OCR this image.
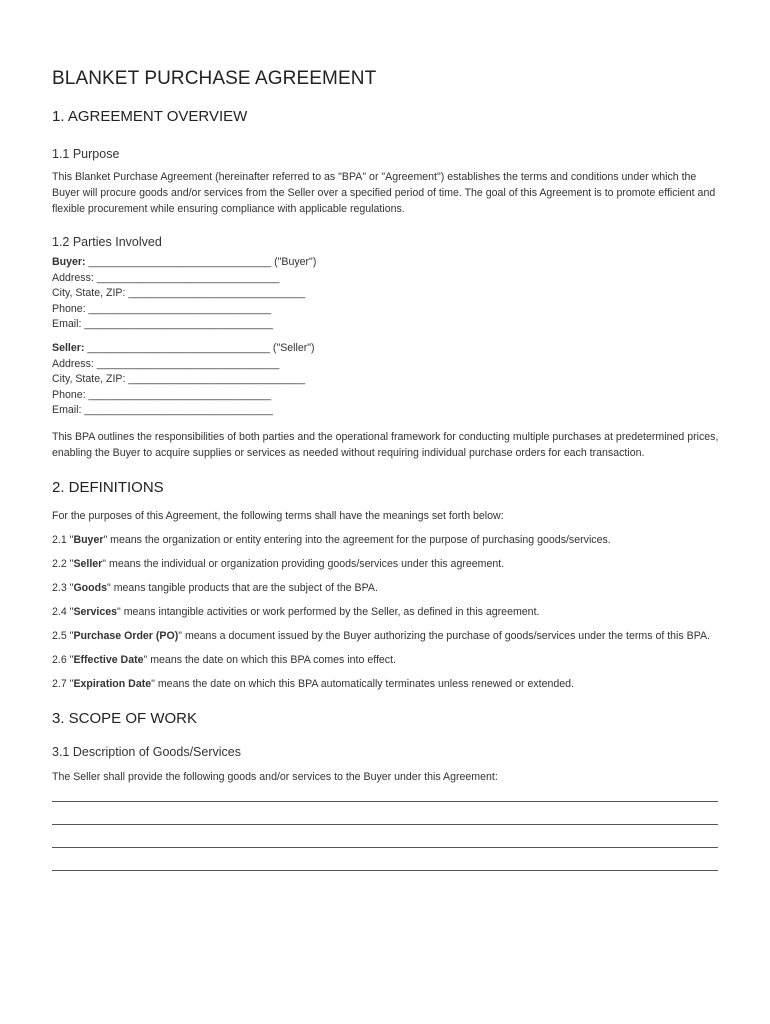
BLANKET PURCHASE AGREEMENT
1. AGREEMENT OVERVIEW
1.1 Purpose

This Blanket Purchase Agreement (hereinafter referred to as "BPA" or "Agreement") establishes the terms and conditions under which the Buyer will procure goods and/or services from the Seller over a specified period of time. The goal of this Agreement is to promote efficient and flexible procurement while ensuring compliance with applicable regulations.

1.2 Parties Involved
Buyer: _______________________________ ("Buyer")
Address: _______________________________
City, State, ZIP: ______________________________
Phone: _______________________________
Email: ________________________________
Seller: _______________________________ ("Seller")
Address: _______________________________
City, State, ZIP: ______________________________
Phone: _______________________________
Email: ________________________________

This BPA outlines the responsibilities of both parties and the operational framework for conducting multiple purchases at predetermined prices, enabling the Buyer to acquire supplies or services as needed without requiring individual purchase orders for each transaction.

2. DEFINITIONS

For the purposes of this Agreement, the following terms shall have the meanings set forth below:

2.1 "Buyer" means the organization or entity entering into the agreement for the purpose of purchasing goods/services.
2.2 "Seller" means the individual or organization providing goods/services under this agreement.
2.3 "Goods" means tangible products that are the subject of the BPA.
2.4 "Services" means intangible activities or work performed by the Seller, as defined in this agreement.
2.5 "Purchase Order (PO)" means a document issued by the Buyer authorizing the purchase of goods/services under the terms of this BPA.
2.6 "Effective Date" means the date on which this BPA comes into effect.
2.7 "Expiration Date" means the date on which this BPA automatically terminates unless renewed or extended.
3. SCOPE OF WORK
3.1 Description of Goods/Services

The Seller shall provide the following goods and/or services to the Buyer under this Agreement:
